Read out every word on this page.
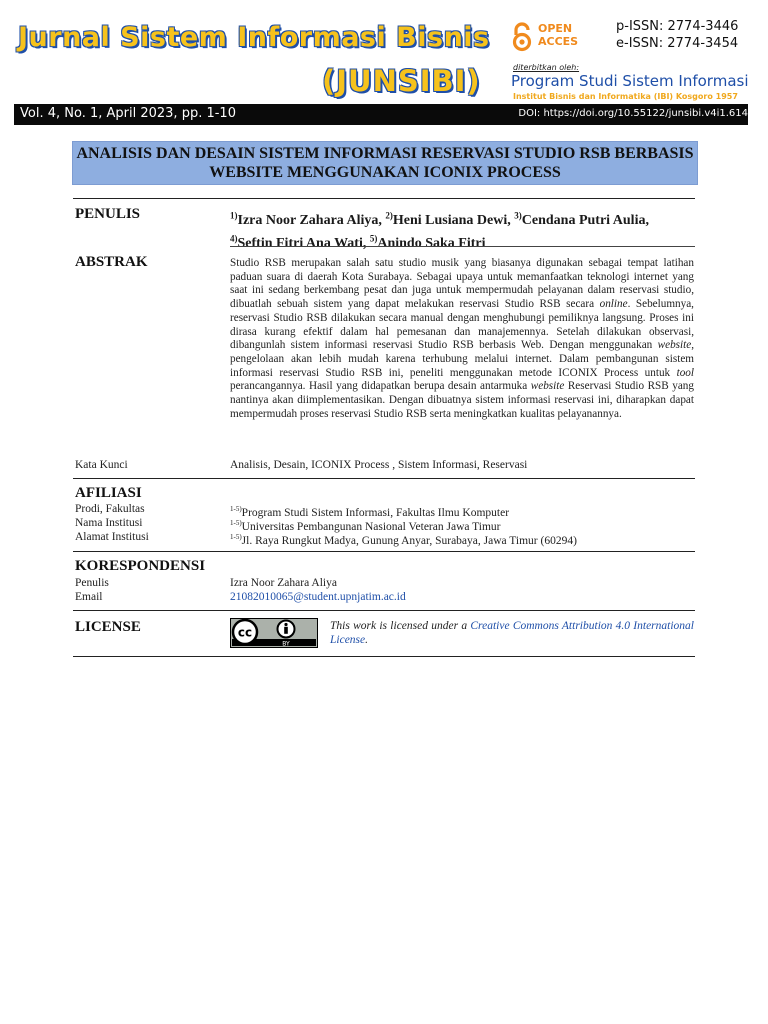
Jurnal Sistem Informasi Bisnis
(JUNSIBI)
OPEN
ACCES
p-ISSN: 2774-3446
e-ISSN: 2774-3454
diterbitkan oleh:
Program Studi Sistem Informasi
Institut Bisnis dan Informatika (IBI) Kosgoro 1957
Vol. 4, No. 1, April 2023, pp. 1-10	DOI: https://doi.org/10.55122/junsibi.v4i1.614
ANALISIS DAN DESAIN SISTEM INFORMASI RESERVASI STUDIO RSB BERBASIS WEBSITE MENGGUNAKAN ICONIX PROCESS
PENULIS	$^{1)}$Izra Noor Zahara Aliya, $^{2)}$Heni Lusiana Dewi, $^{3)}$Cendana Putri Aulia,
$^{4)}$Seftin Fitri Ana Wati, $^{5)}$Anindo Saka Fitri
ABSTRAK	Studio RSB merupakan salah satu studio musik yang biasanya digunakan sebagai tempat latihan paduan suara di daerah Kota Surabaya. Sebagai upaya untuk memanfaatkan teknologi internet yang saat ini sedang berkembang pesat dan juga untuk mempermudah pelayanan dalam reservasi studio, dibuatlah sebuah sistem yang dapat melakukan reservasi Studio RSB secara online. Sebelumnya, reservasi Studio RSB dilakukan secara manual dengan menghubungi pemiliknya langsung. Proses ini dirasa kurang efektif dalam hal pemesanan dan manajemennya. Setelah dilakukan observasi, dibangunlah sistem informasi reservasi Studio RSB berbasis Web. Dengan menggunakan website, pengelolaan akan lebih mudah karena terhubung melalui internet. Dalam pembangunan sistem informasi reservasi Studio RSB ini, peneliti menggunakan metode ICONIX Process untuk tool perancangannya. Hasil yang didapatkan berupa desain antarmuka website Reservasi Studio RSB yang nantinya akan diimplementasikan. Dengan dibuatnya sistem informasi reservasi ini, diharapkan dapat mempermudah proses reservasi Studio RSB serta meningkatkan kualitas pelayanannya.
Kata Kunci	Analisis, Desain, ICONIX Process , Sistem Informasi, Reservasi
AFILIASI
Prodi, Fakultas	$^{1-5)}$Program Studi Sistem Informasi, Fakultas Ilmu Komputer
Nama Institusi	$^{1-5)}$Universitas Pembangunan Nasional Veteran Jawa Timur
Alamat Institusi	$^{1-5)}$Jl. Raya Rungkut Madya, Gunung Anyar, Surabaya, Jawa Timur (60294)
KORESPONDENSI
Penulis	Izra Noor Zahara Aliya
Email	21082010065@student.upnjatim.ac.id
LICENSE	cc
BY
This work is licensed under a Creative Commons Attribution 4.0 International License.
